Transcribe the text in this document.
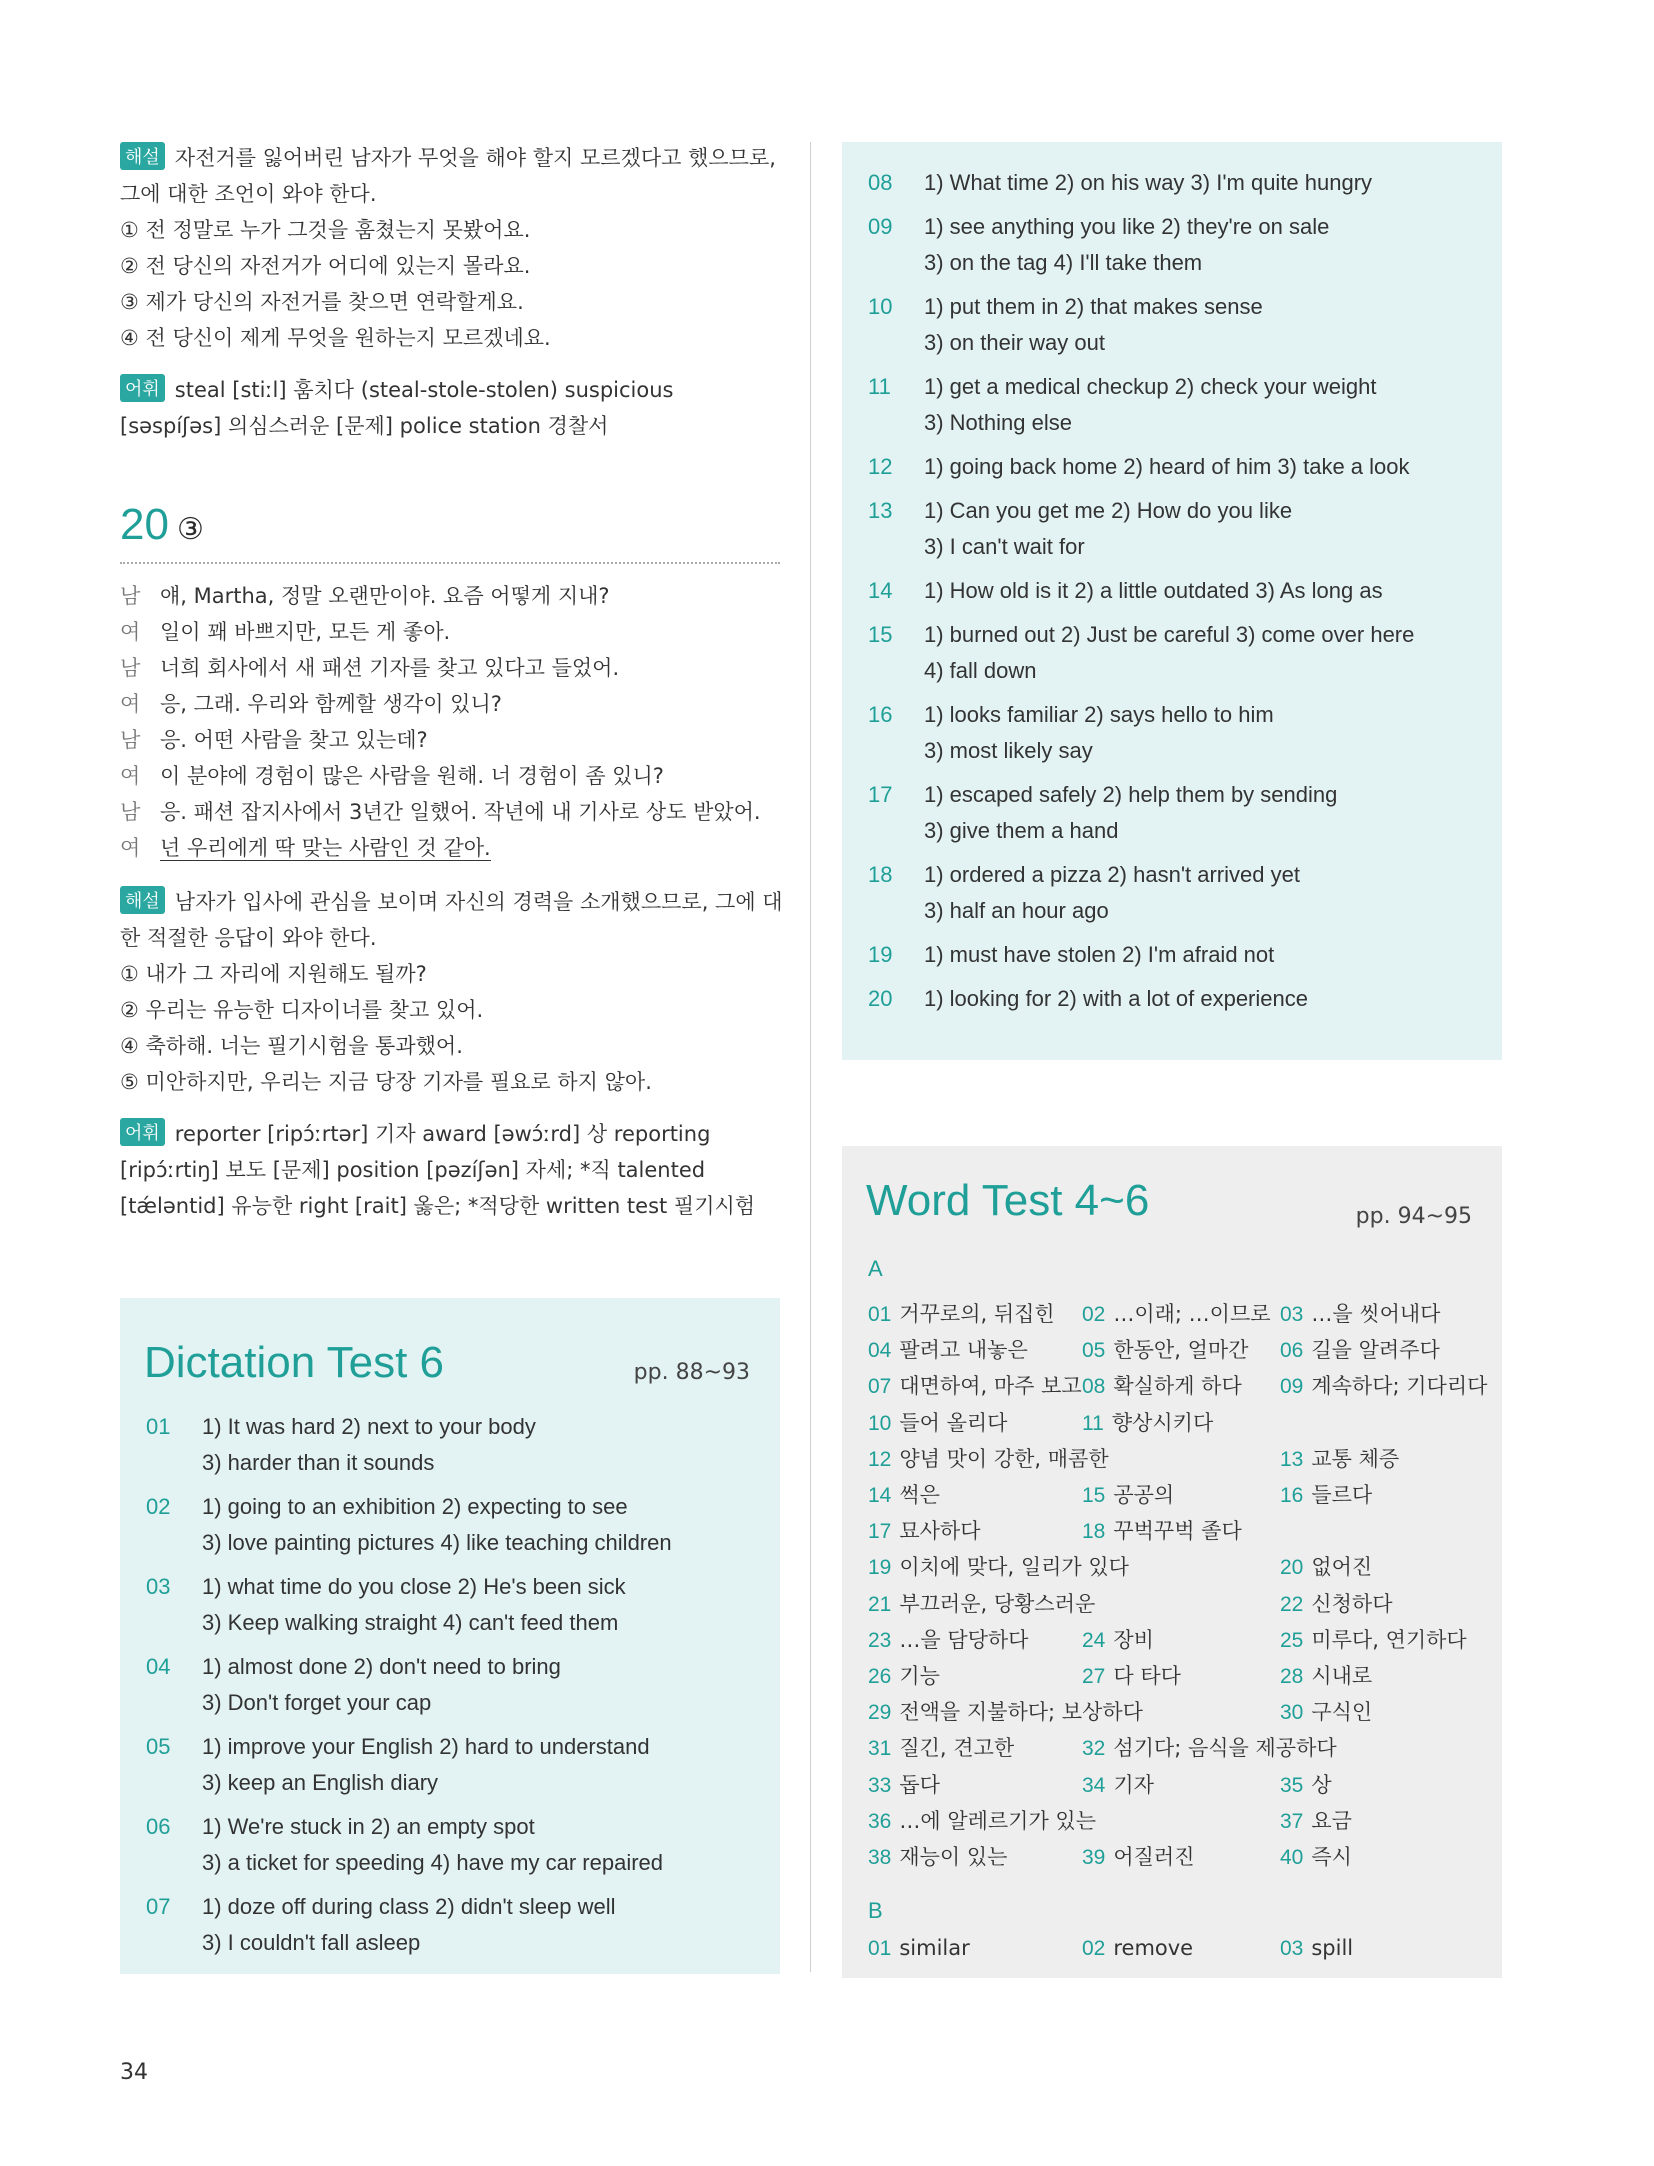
해설 자전거를 잃어버린 남자가 무엇을 해야 할지 모르겠다고 했으므로,
그에 대한 조언이 와야 한다.
① 전 정말로 누가 그것을 훔쳤는지 못봤어요.
② 전 당신의 자전거가 어디에 있는지 몰라요.
③ 제가 당신의 자전거를 찾으면 연락할게요.
④ 전 당신이 제게 무엇을 원하는지 모르겠네요.
어휘 steal [stiːl] 훔치다 (steal-stole-stolen) suspicious
[səspíʃəs] 의심스러운 [문제] police station 경찰서
20 ③
남 얘, Martha, 정말 오랜만이야. 요즘 어떻게 지내?
여 일이 꽤 바쁘지만, 모든 게 좋아.
남 너희 회사에서 새 패션 기자를 찾고 있다고 들었어.
여 응, 그래. 우리와 함께할 생각이 있니?
남 응. 어떤 사람을 찾고 있는데?
여 이 분야에 경험이 많은 사람을 원해. 너 경험이 좀 있니?
남 응. 패션 잡지사에서 3년간 일했어. 작년에 내 기사로 상도 받았어.
여 넌 우리에게 딱 맞는 사람인 것 같아.
해설 남자가 입사에 관심을 보이며 자신의 경력을 소개했으므로, 그에 대
한 적절한 응답이 와야 한다.
① 내가 그 자리에 지원해도 될까?
② 우리는 유능한 디자이너를 찾고 있어.
④ 축하해. 너는 필기시험을 통과했어.
⑤ 미안하지만, 우리는 지금 당장 기자를 필요로 하지 않아.
어휘 reporter [ripɔ́ːrtər] 기자 award [əwɔ́ːrd] 상 reporting
[ripɔ́ːrtiŋ] 보도 [문제] position [pəzíʃən] 자세; *직 talented
[tǽləntid] 유능한 right [rait] 옳은; *적당한 written test 필기시험
Dictation Test 6	pp. 88~93
01 1) It was hard 2) next to your body
3) harder than it sounds
02 1) going to an exhibition 2) expecting to see
3) love painting pictures 4) like teaching children
03 1) what time do you close 2) He's been sick
3) Keep walking straight 4) can't feed them
04 1) almost done 2) don't need to bring
3) Don't forget your cap
05 1) improve your English 2) hard to understand
3) keep an English diary
06 1) We're stuck in 2) an empty spot
3) a ticket for speeding 4) have my car repaired
07 1) doze off during class 2) didn't sleep well
3) I couldn't fall asleep
34
08 1) What time 2) on his way 3) I'm quite hungry
09 1) see anything you like 2) they're on sale
3) on the tag 4) I'll take them
10 1) put them in 2) that makes sense
3) on their way out
11 1) get a medical checkup 2) check your weight
3) Nothing else
12 1) going back home 2) heard of him 3) take a look
13 1) Can you get me 2) How do you like
3) I can't wait for
14 1) How old is it 2) a little outdated 3) As long as
15 1) burned out 2) Just be careful 3) come over here
4) fall down
16 1) looks familiar 2) says hello to him
3) most likely say
17 1) escaped safely 2) help them by sending
3) give them a hand
18 1) ordered a pizza 2) hasn't arrived yet
3) half an hour ago
19 1) must have stolen 2) I'm afraid not
20 1) looking for 2) with a lot of experience
Word Test 4~6	pp. 94~95
A
01 거꾸로의, 뒤집힌 02 …이래; …이므로 03 …을 씻어내다
04 팔려고 내놓은	05 한동안, 얼마간 06 길을 알려주다
07 대면하여, 마주 보고 08 확실하게 하다 09 계속하다; 기다리다
10 들어 올리다	11 향상시키다
12 양념 맛이 강한, 매콤한	13 교통 체증
14 썩은	15 공공의	16 들르다
17 묘사하다	18 꾸벅꾸벅 졸다
19 이치에 맞다, 일리가 있다	20 없어진
21 부끄러운, 당황스러운	22 신청하다
23 …을 담당하다	24 장비	25 미루다, 연기하다
26 기능	27 다 타다	28 시내로
29 전액을 지불하다; 보상하다	30 구식인
31 질긴, 견고한	32 섬기다; 음식을 제공하다
33 돕다	34 기자	35 상
36 …에 알레르기가 있는	37 요금
38 재능이 있는	39 어질러진	40 즉시
B
01 similar	02 remove	03 spill
